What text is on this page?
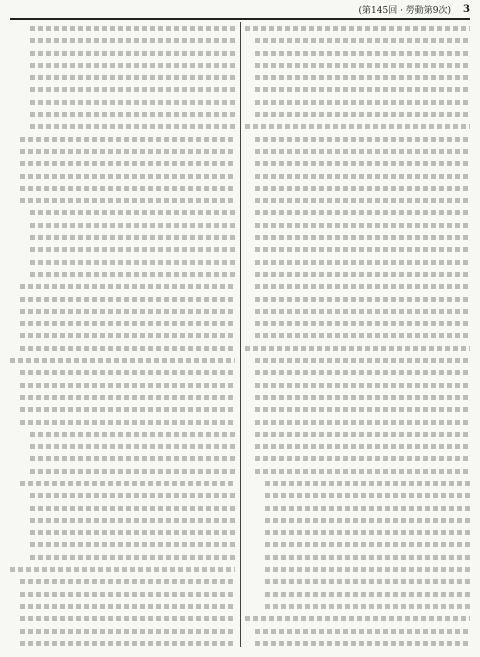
(第145回 · 勞動第9次) 3
